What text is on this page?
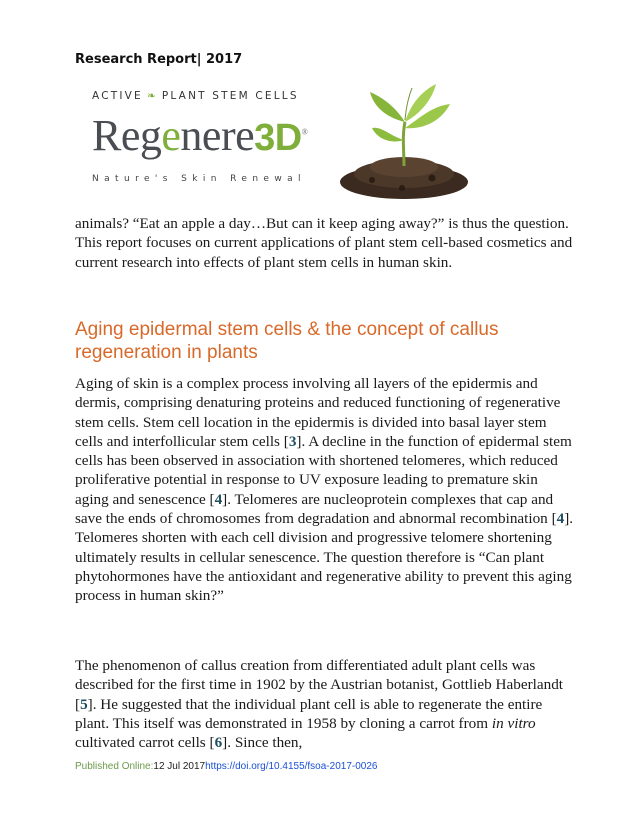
Research Report| 2017
ACTIVE ❧ PLANT STEM CELLS
Regenere3D®
Nature's Skin Renewal
animals? “Eat an apple a day…But can it keep aging away?” is thus the question. This report focuses on current applications of plant stem cell-based cosmetics and current research into effects of plant stem cells in human skin.
Aging epidermal stem cells & the concept of callus regeneration in plants
Aging of skin is a complex process involving all layers of the epidermis and dermis, comprising denaturing proteins and reduced functioning of regenerative stem cells. Stem cell location in the epidermis is divided into basal layer stem cells and interfollicular stem cells [3]. A decline in the function of epidermal stem cells has been observed in association with shortened telomeres, which reduced proliferative potential in response to UV exposure leading to premature skin aging and senescence [4]. Telomeres are nucleoprotein complexes that cap and save the ends of chromosomes from degradation and abnormal recombination [4]. Telomeres shorten with each cell division and progressive telomere shortening ultimately results in cellular senescence. The question therefore is “Can plant phytohormones have the antioxidant and regenerative ability to prevent this aging process in human skin?”
The phenomenon of callus creation from differentiated adult plant cells was described for the first time in 1902 by the Austrian botanist, Gottlieb Haberlandt [5]. He suggested that the individual plant cell is able to regenerate the entire plant. This itself was demonstrated in 1958 by cloning a carrot from in vitro cultivated carrot cells [6]. Since then,
Published Online:12 Jul 2017https://doi.org/10.4155/fsoa-2017-0026
